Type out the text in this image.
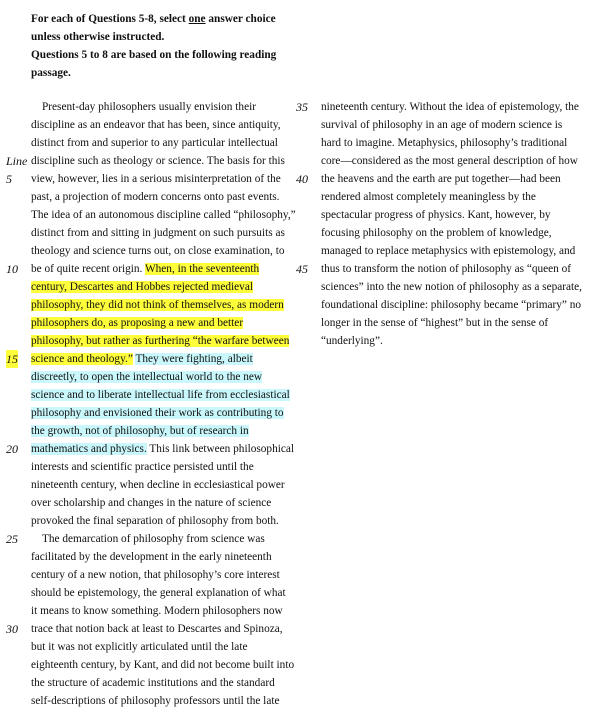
For each of Questions 5-8, select one answer choice
unless otherwise instructed.
Questions 5 to 8 are based on the following reading
passage.
Line
5
10
15
20
25
30
35
40
45
Present-day philosophers usually envision their
discipline as an endeavor that has been, since antiquity,
distinct from and superior to any particular intellectual
discipline such as theology or science. The basis for this
view, however, lies in a serious misinterpretation of the
past, a projection of modern concerns onto past events.
The idea of an autonomous discipline called “philosophy,”
distinct from and sitting in judgment on such pursuits as
theology and science turns out, on close examination, to
be of quite recent origin. When, in the seventeenth
century, Descartes and Hobbes rejected medieval
philosophy, they did not think of themselves, as modern
philosophers do, as proposing a new and better
philosophy, but rather as furthering “the warfare between
science and theology.” They were fighting, albeit
discreetly, to open the intellectual world to the new
science and to liberate intellectual life from ecclesiastical
philosophy and envisioned their work as contributing to
the growth, not of philosophy, but of research in
mathematics and physics. This link between philosophical
interests and scientific practice persisted until the
nineteenth century, when decline in ecclesiastical power
over scholarship and changes in the nature of science
provoked the final separation of philosophy from both.
The demarcation of philosophy from science was
facilitated by the development in the early nineteenth
century of a new notion, that philosophy’s core interest
should be epistemology, the general explanation of what
it means to know something. Modern philosophers now
trace that notion back at least to Descartes and Spinoza,
but it was not explicitly articulated until the late
eighteenth century, by Kant, and did not become built into
the structure of academic institutions and the standard
self-descriptions of philosophy professors until the late
nineteenth century. Without the idea of epistemology, the
survival of philosophy in an age of modern science is
hard to imagine. Metaphysics, philosophy’s traditional
core—considered as the most general description of how
the heavens and the earth are put together—had been
rendered almost completely meaningless by the
spectacular progress of physics. Kant, however, by
focusing philosophy on the problem of knowledge,
managed to replace metaphysics with epistemology, and
thus to transform the notion of philosophy as “queen of
sciences” into the new notion of philosophy as a separate,
foundational discipline: philosophy became “primary” no
longer in the sense of “highest” but in the sense of
“underlying”.
